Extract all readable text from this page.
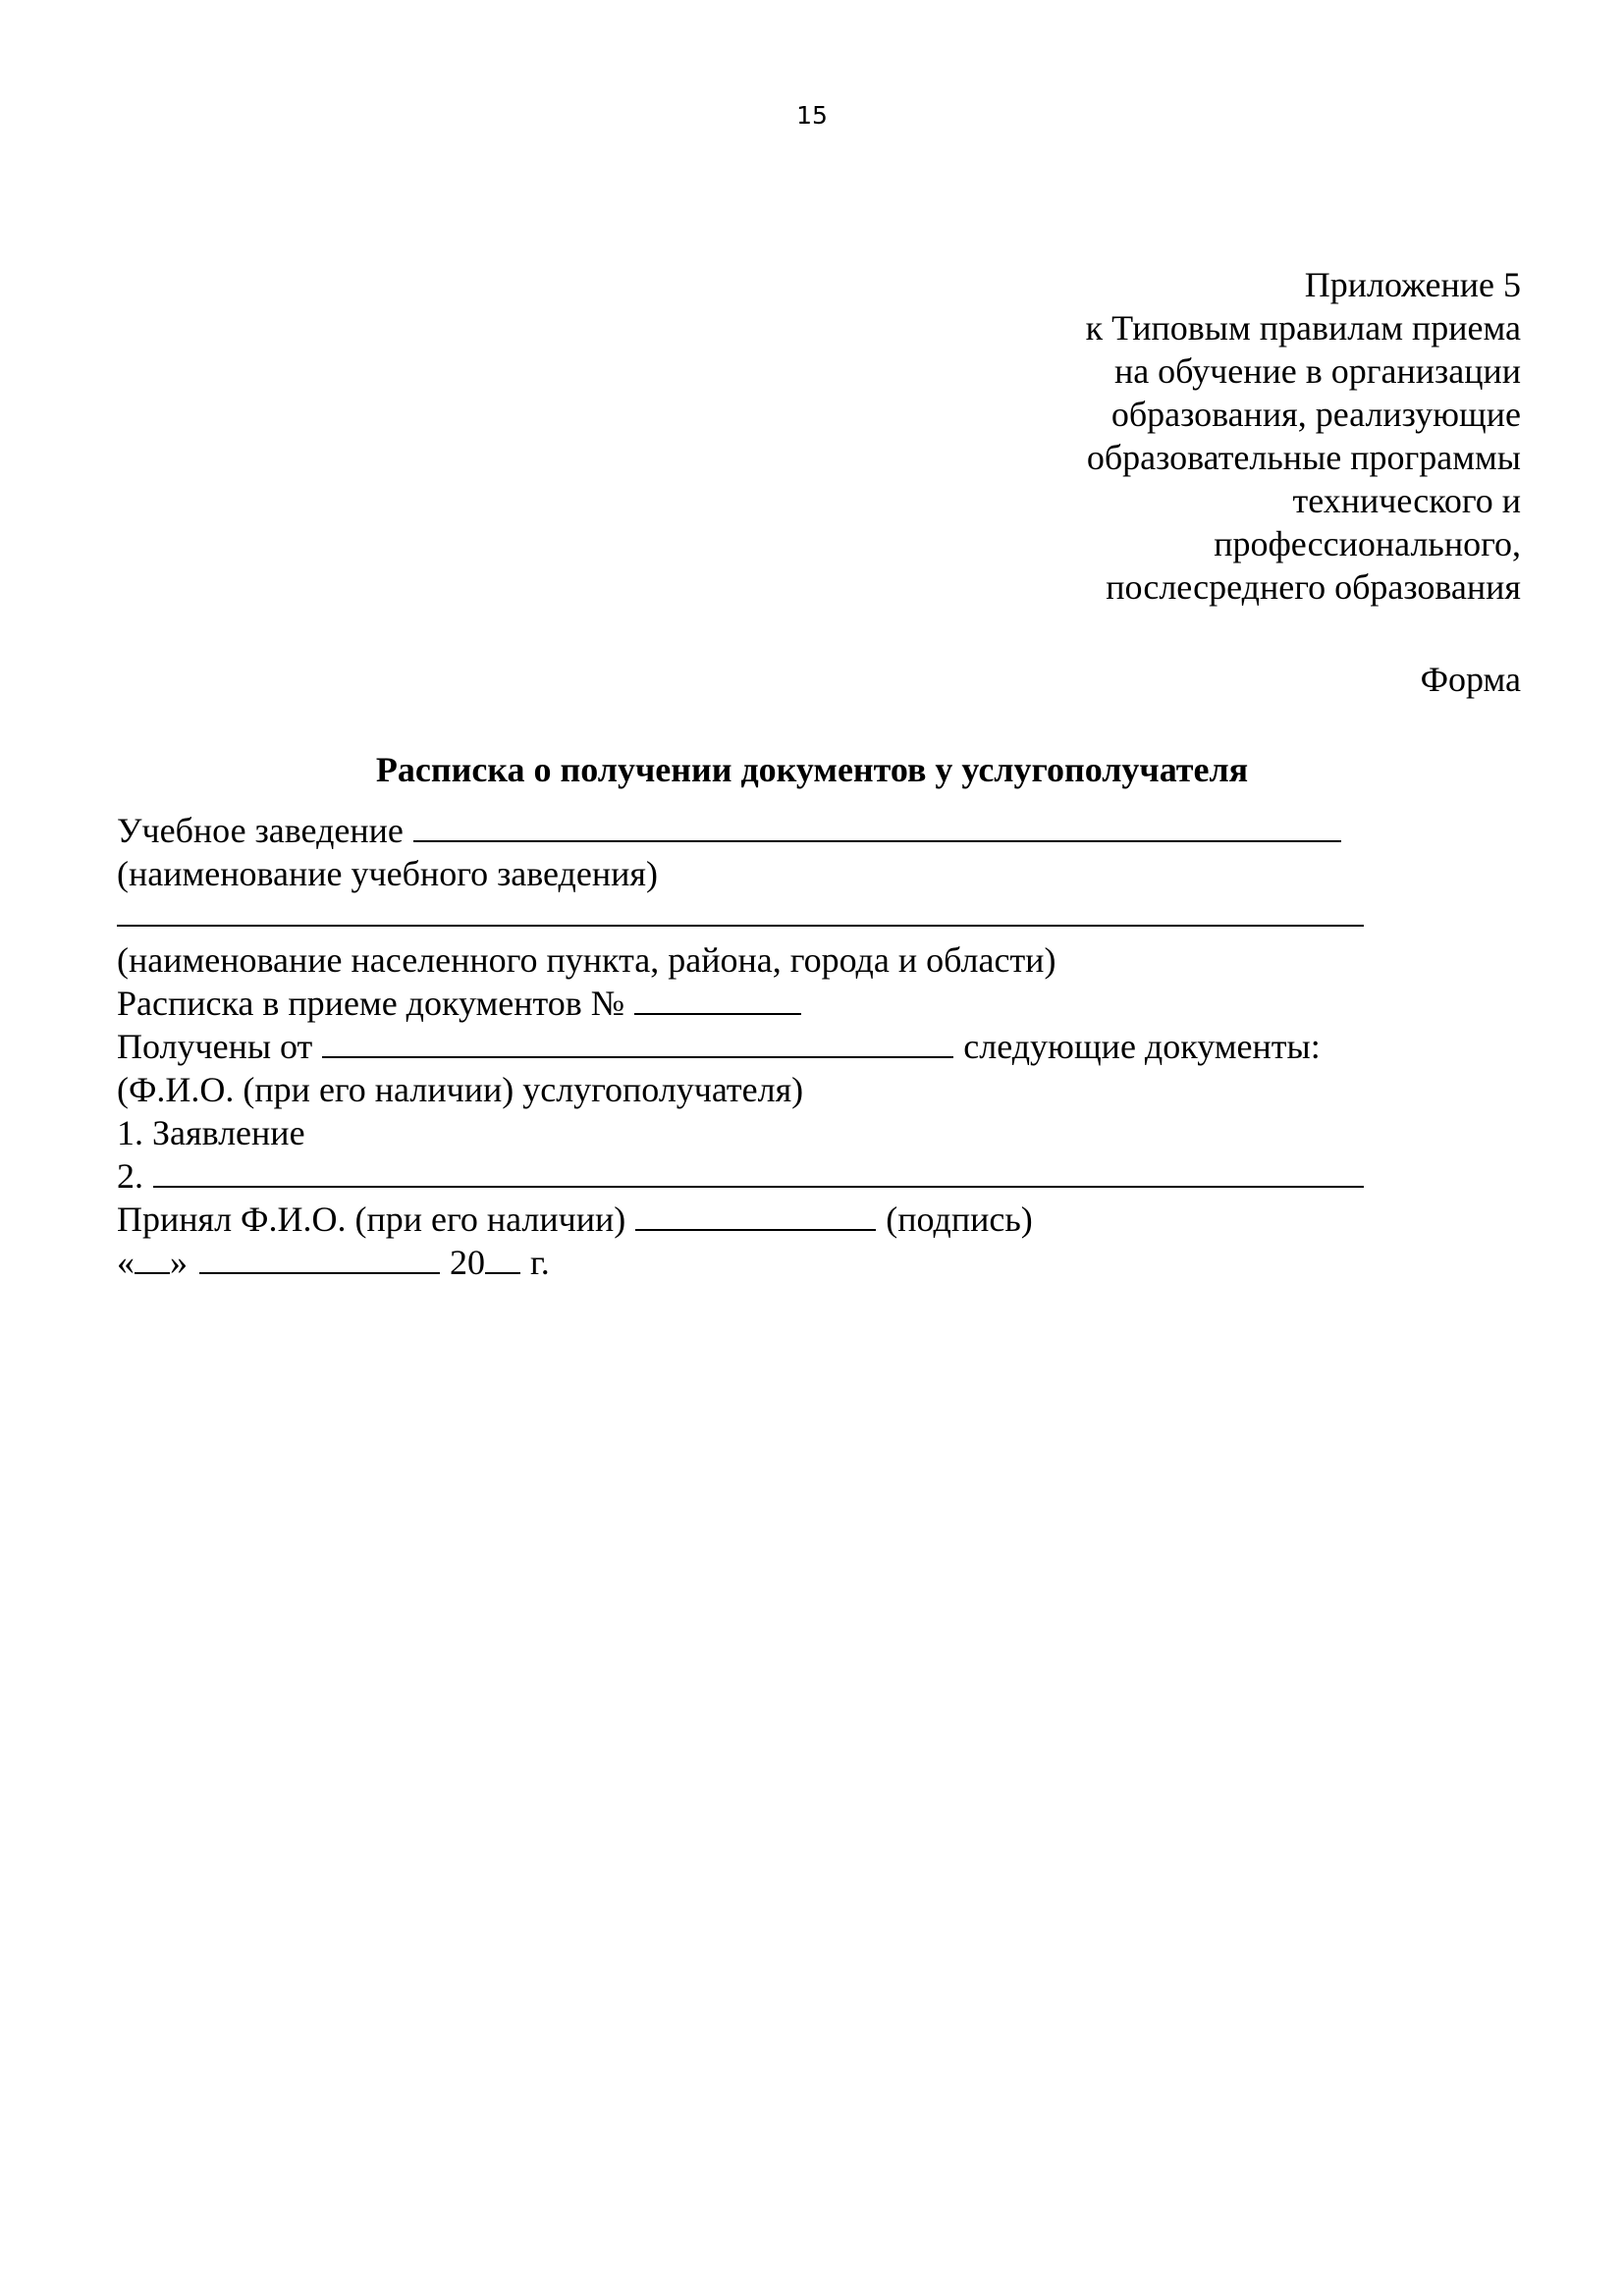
15
Приложение 5
к Типовым правилам приема
на обучение в организации
образования, реализующие
образовательные программы
технического и
профессионального,
послесреднего образования
Форма
Расписка о получении документов у услугополучателя
Учебное заведение
(наименование учебного заведения)
(наименование населенного пункта, района, города и области)
Расписка в приеме документов №
Получены от	следующие документы:
(Ф.И.О. (при его наличии) услугополучателя)
1. Заявление
2.
Принял Ф.И.О. (при его наличии)	(подпись)
« »	20 г.
